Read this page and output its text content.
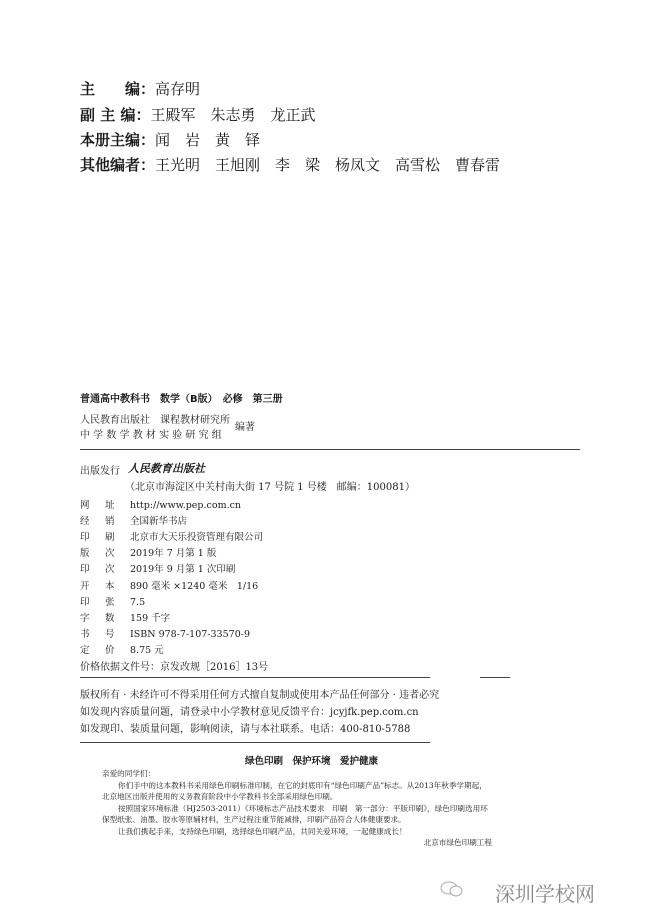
主　　编：高存明
副 主 编：王殿军　朱志勇　龙正武
本册主编：闻　岩　黄　铎
其他编者：王光明　王旭刚　李　梁　杨凤文　高雪松　曹春雷
普通高中教科书　数学（B版）　必修　第三册
人民教育出版社　课程教材研究所
中 学 数 学 教 材 实 验 研 究 组
编著
出版发行 人民教育出版社
（北京市海淀区中关村南大街 17 号院 1 号楼　邮编：100081）
网 址 http://www.pep.com.cn
经 销 全国新华书店
印 刷 北京市大天乐投资管理有限公司
版 次 2019年 7 月第 1 版
印 次 2019年 9 月第 1 次印刷
开 本 890 毫米 ×1240 毫米　1/16
印 张 7.5
字 数 159 千字
书 号 ISBN 978-7-107-33570-9
定 价 8.75 元
价格依据文件号：京发改规［2016］13号
版权所有 · 未经许可不得采用任何方式擅自复制或使用本产品任何部分 · 违者必究
如发现内容质量问题，请登录中小学教材意见反馈平台：jcyjfk.pep.com.cn
如发现印、装质量问题，影响阅读，请与本社联系。电话：400-810-5788
绿色印刷　保护环境　爱护健康
亲爱的同学们：
你们手中的这本教科书采用绿色印刷标准印制，在它的封底印有“绿色印刷产品”标志。从2013年秋季学期起，北京地区出版并使用的义务教育阶段中小学教科书全部采用绿色印刷。
按照国家环境标准（HJ2503-2011）《环境标志产品技术要求　印刷　第一部分：平版印刷》，绿色印刷选用环保型纸张、油墨、胶水等原辅材料，生产过程注重节能减排，印刷产品符合人体健康要求。
让我们携起手来，支持绿色印刷，选择绿色印刷产品，共同关爱环境，一起健康成长！
北京市绿色印刷工程
深圳学校网
